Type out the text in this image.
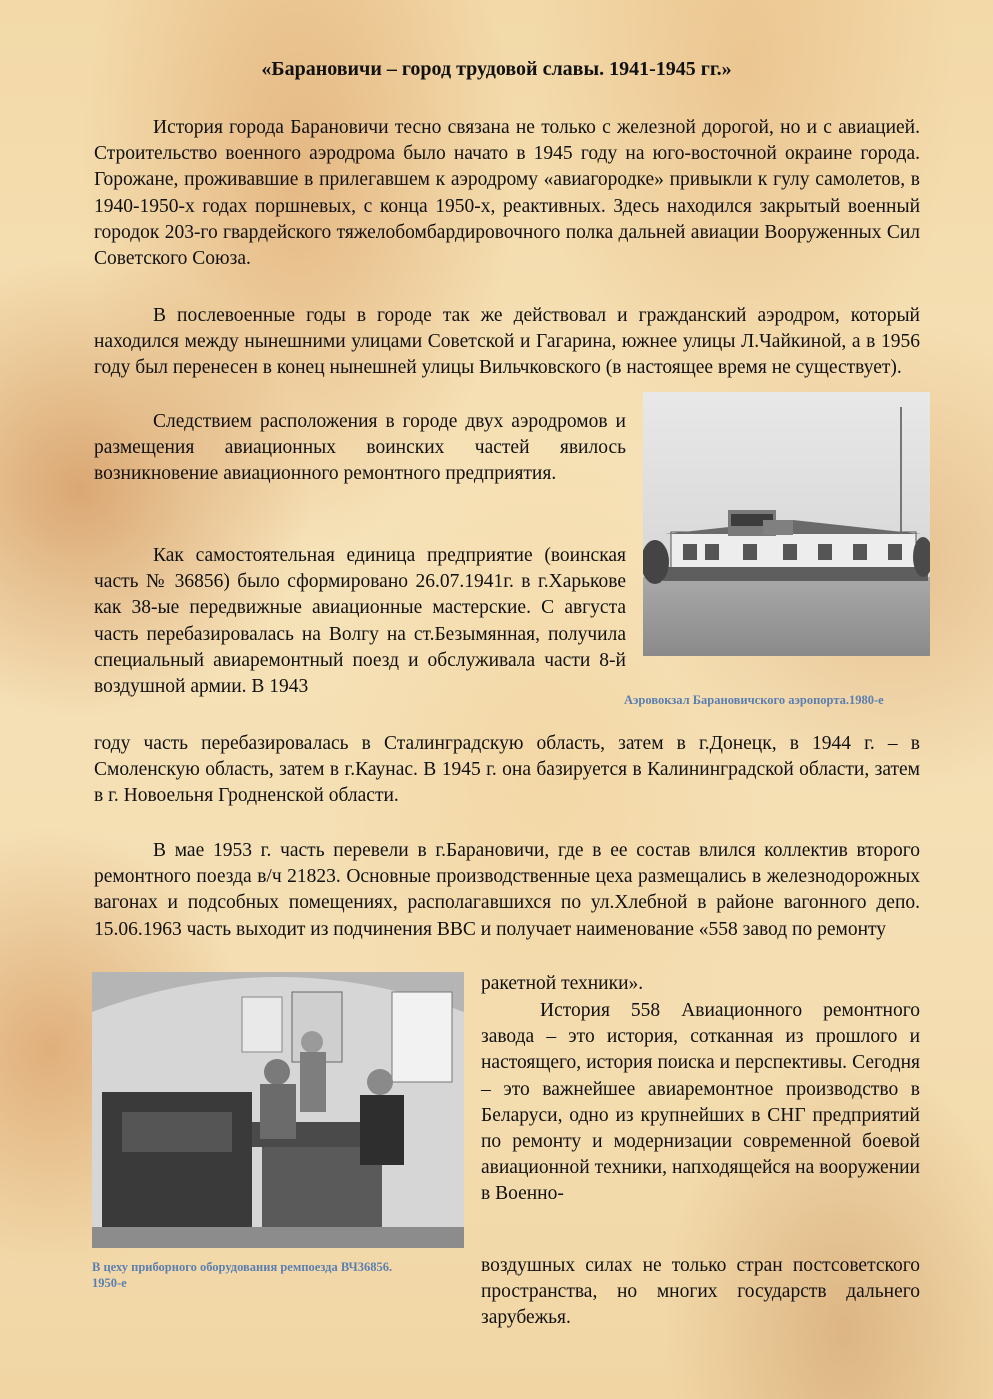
«Барановичи – город трудовой славы. 1941-1945 гг.»

История города Барановичи тесно связана не только с железной дорогой, но и с авиацией. Строительство военного аэродрома было начато в 1945 году на юго-восточной окраине города. Горожане, проживавшие в прилегавшем к аэродрому «авиагородке» привыкли к гулу самолетов, в 1940-1950-х годах поршневых, с конца 1950-х, реактивных. Здесь находился закрытый военный городок 203-го гвардейского тяжелобомбардировочного полка дальней авиации Вооруженных Сил Советского Союза.

В послевоенные годы в городе так же действовал и гражданский аэродром, который находился между нынешними улицами Советской и Гагарина, южнее улицы Л.Чайкиной, а в 1956 году был перенесен в конец нынешней улицы Вильчковского (в настоящее время не существует).

Следствием расположения в городе двух аэродромов и размещения авиационных воинских частей явилось возникновение авиационного ремонтного предприятия.

Как самостоятельная единица предприятие (воинская часть № 36856) было сформировано 26.07.1941г. в г.Харькове как 38-ые передвижные авиационные мастерские. С августа часть перебазировалась на Волгу на ст.Безымянная, получила специальный авиаремонтный поезд и обслуживала части 8-й воздушной армии. В 1943

году часть перебазировалась в Сталинградскую область, затем в г.Донецк, в 1944 г. – в Смоленскую область, затем в г.Каунас. В 1945 г. она базируется в Калининградской области, затем в г. Новоельня Гродненской области.

В мае 1953 г. часть перевели в г.Барановичи, где в ее состав влился коллектив второго ремонтного поезда в/ч 21823. Основные производственные цеха размещались в железнодорожных вагонах и подсобных помещениях, располагавшихся по ул.Хлебной в районе вагонного депо. 15.06.1963 часть выходит из подчинения ВВС и получает наименование «558 завод по ремонту

ракетной техники».

История 558 Авиационного ремонтного завода – это история, сотканная из прошлого и настоящего, история поиска и перспективы. Сегодня – это важнейшее авиаремонтное производство в Беларуси, одно из крупнейших в СНГ предприятий по ремонту и модернизации современной боевой авиационной техники, напходящейся на вооружении в Военно-

воздушных силах не только стран постсоветского пространства, но многих государств дальнего зарубежья.

Аэровокзал Барановичского аэропорта.1980-е
В цеху приборного оборудования ремпоезда ВЧ36856.
1950-е
